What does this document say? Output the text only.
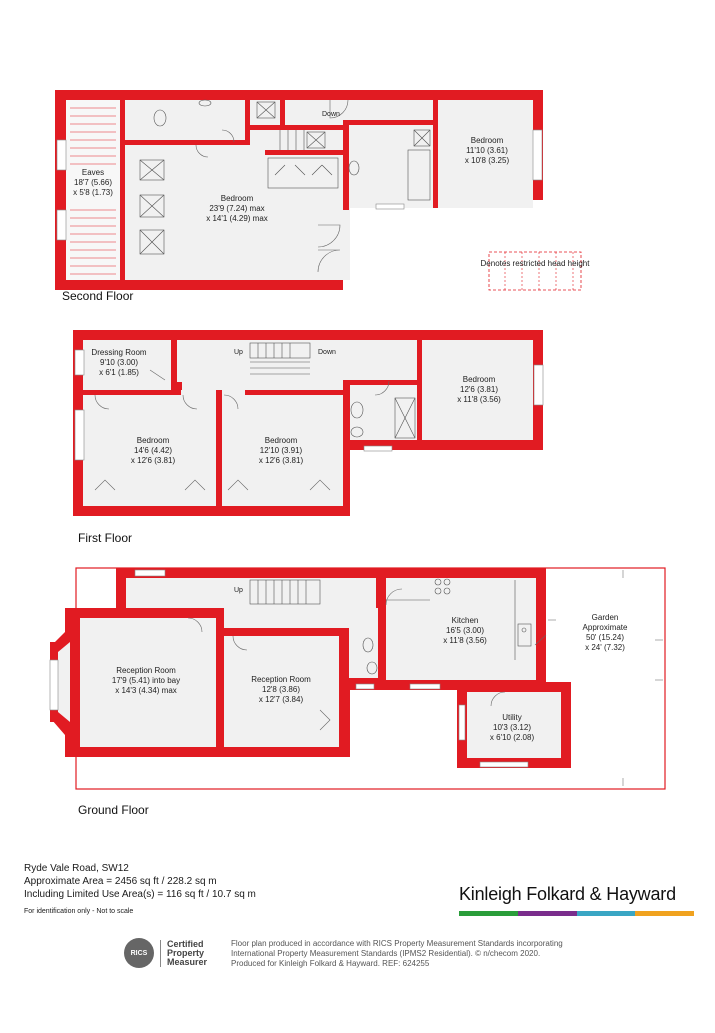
Down
Eaves
18'7 (5.66)
x 5'8 (1.73)
Bedroom
23'9 (7.24) max
x 14'1 (4.29) max
Bedroom
11'10 (3.61)
x 10'8 (3.25)
Denotes restricted head height
Second Floor
Up	Down
Dressing Room
9'10 (3.00)
x 6'1 (1.85)
Bedroom
14'6 (4.42)
x 12'6 (3.81)
Bedroom
12'10 (3.91)
x 12'6 (3.81)
Bedroom
12'6 (3.81)
x 11'8 (3.56)
First Floor
Up
Reception Room
17'9 (5.41) into bay
x 14'3 (4.34) max
Reception Room
12'8 (3.86)
x 12'7 (3.84)
Kitchen
16'5 (3.00)
x 11'8 (3.56)
Utility
10'3 (3.12)
x 6'10 (2.08)
Garden
Approximate
50' (15.24)
x 24' (7.32)
Ground Floor
Ryde Vale Road, SW12
Approximate Area = 2456 sq ft / 228.2 sq m
Including Limited Use Area(s) = 116 sq ft / 10.7 sq m
For identification only - Not to scale
Kinleigh Folkard & Hayward
RICS
Certified
Property
Measurer
Floor plan produced in accordance with RICS Property Measurement Standards incorporating
International Property Measurement Standards (IPMS2 Residential). © n/checom 2020.
Produced for Kinleigh Folkard & Hayward. REF: 624255
